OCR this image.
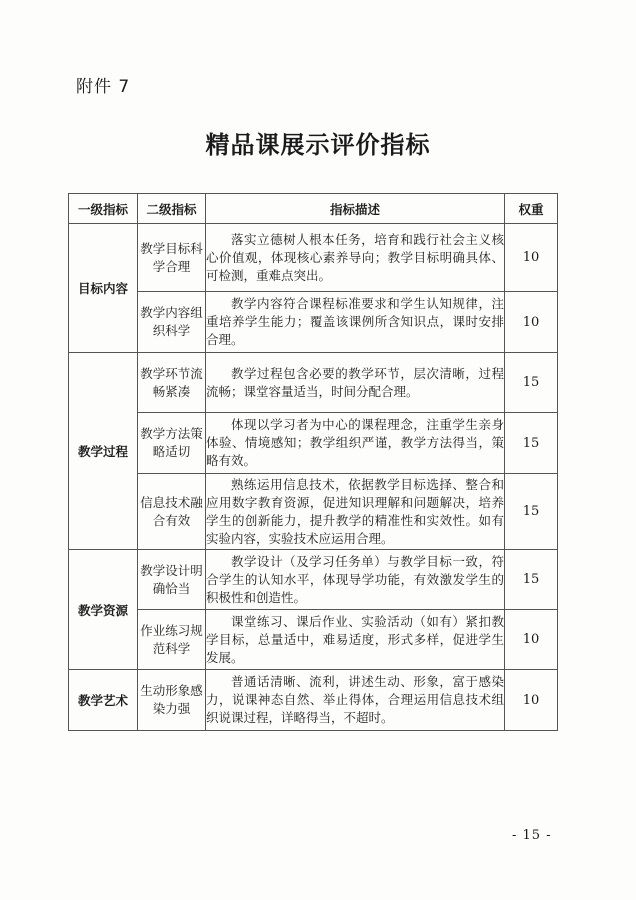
附件 7
精品课展示评价指标
一级指标	二级指标	指标描述	权重
目标内容	教学目标科学合理	落实立德树人根本任务，培育和践行社会主义核心价值观，体现核心素养导向；教学目标明确具体、可检测，重难点突出。	10
	教学内容组织科学	教学内容符合课程标准要求和学生认知规律，注重培养学生能力；覆盖该课例所含知识点，课时安排合理。	10
教学过程	教学环节流畅紧凑	教学过程包含必要的教学环节，层次清晰，过程流畅；课堂容量适当，时间分配合理。	15
	教学方法策略适切	体现以学习者为中心的课程理念，注重学生亲身体验、情境感知；教学组织严谨，教学方法得当，策略有效。	15
	信息技术融合有效	熟练运用信息技术，依据教学目标选择、整合和应用数字教育资源，促进知识理解和问题解决，培养学生的创新能力，提升教学的精准性和实效性。如有实验内容，实验技术应运用合理。	15
教学资源	教学设计明确恰当	教学设计（及学习任务单）与教学目标一致，符合学生的认知水平，体现导学功能，有效激发学生的积极性和创造性。	15
	作业练习规范科学	课堂练习、课后作业、实验活动（如有）紧扣教学目标，总量适中，难易适度，形式多样，促进学生发展。	10
教学艺术	生动形象感染力强	普通话清晰、流利，讲述生动、形象，富于感染力，说课神态自然、举止得体，合理运用信息技术组织说课过程，详略得当，不超时。	10
- 15 -
